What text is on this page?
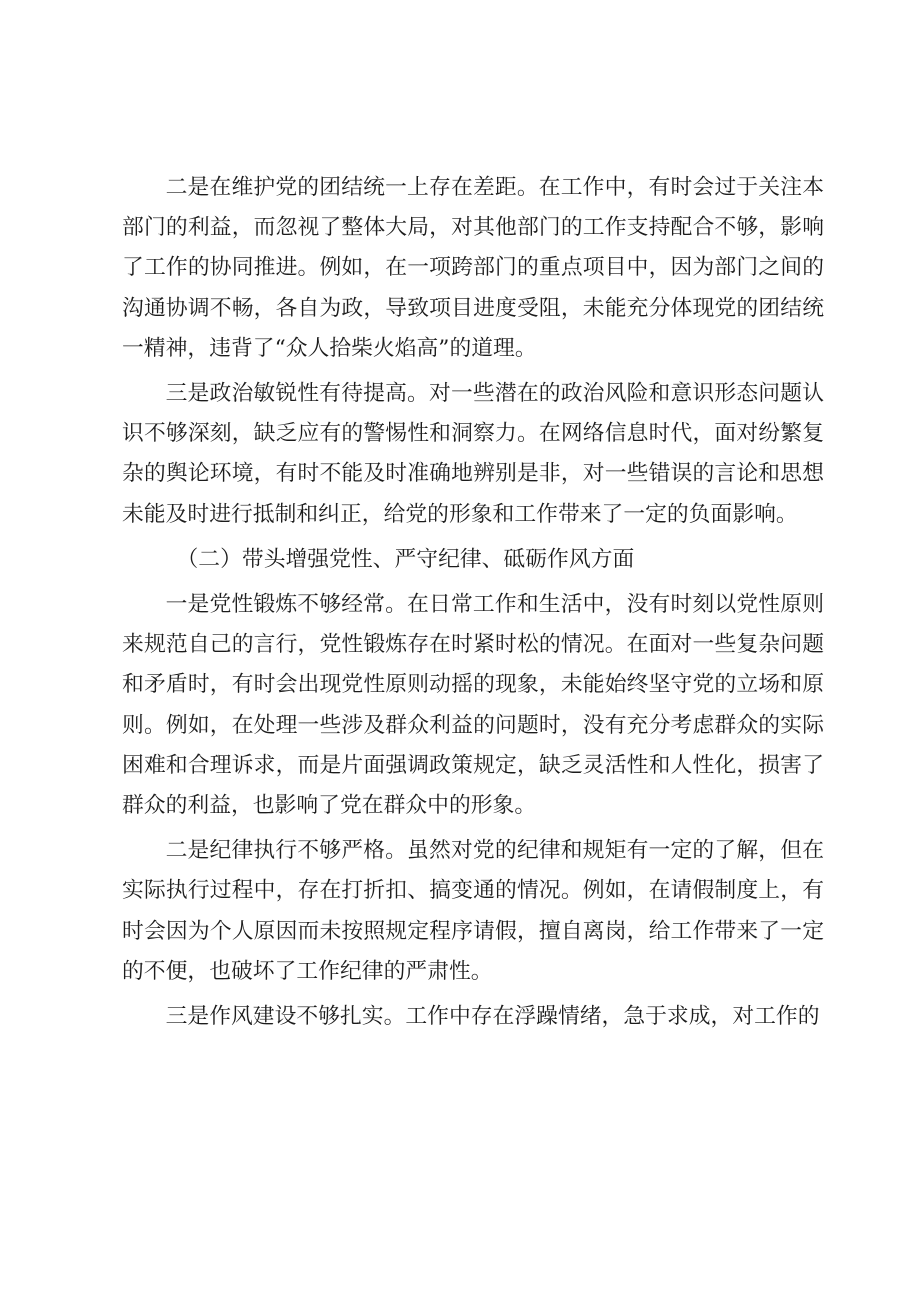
二是在维护党的团结统一上存在差距。在工作中，有时会过于关注本部门的利益，而忽视了整体大局，对其他部门的工作支持配合不够，影响了工作的协同推进。例如，在一项跨部门的重点项目中，因为部门之间的沟通协调不畅，各自为政，导致项目进度受阻，未能充分体现党的团结统一精神，违背了“众人拾柴火焰高”的道理。

三是政治敏锐性有待提高。对一些潜在的政治风险和意识形态问题认识不够深刻，缺乏应有的警惕性和洞察力。在网络信息时代，面对纷繁复杂的舆论环境，有时不能及时准确地辨别是非，对一些错误的言论和思想未能及时进行抵制和纠正，给党的形象和工作带来了一定的负面影响。

（二）带头增强党性、严守纪律、砥砺作风方面

一是党性锻炼不够经常。在日常工作和生活中，没有时刻以党性原则来规范自己的言行，党性锻炼存在时紧时松的情况。在面对一些复杂问题和矛盾时，有时会出现党性原则动摇的现象，未能始终坚守党的立场和原则。例如，在处理一些涉及群众利益的问题时，没有充分考虑群众的实际困难和合理诉求，而是片面强调政策规定，缺乏灵活性和人性化，损害了群众的利益，也影响了党在群众中的形象。

二是纪律执行不够严格。虽然对党的纪律和规矩有一定的了解，但在实际执行过程中，存在打折扣、搞变通的情况。例如，在请假制度上，有时会因为个人原因而未按照规定程序请假，擅自离岗，给工作带来了一定的不便，也破坏了工作纪律的严肃性。

三是作风建设不够扎实。工作中存在浮躁情绪，急于求成，对工作的
